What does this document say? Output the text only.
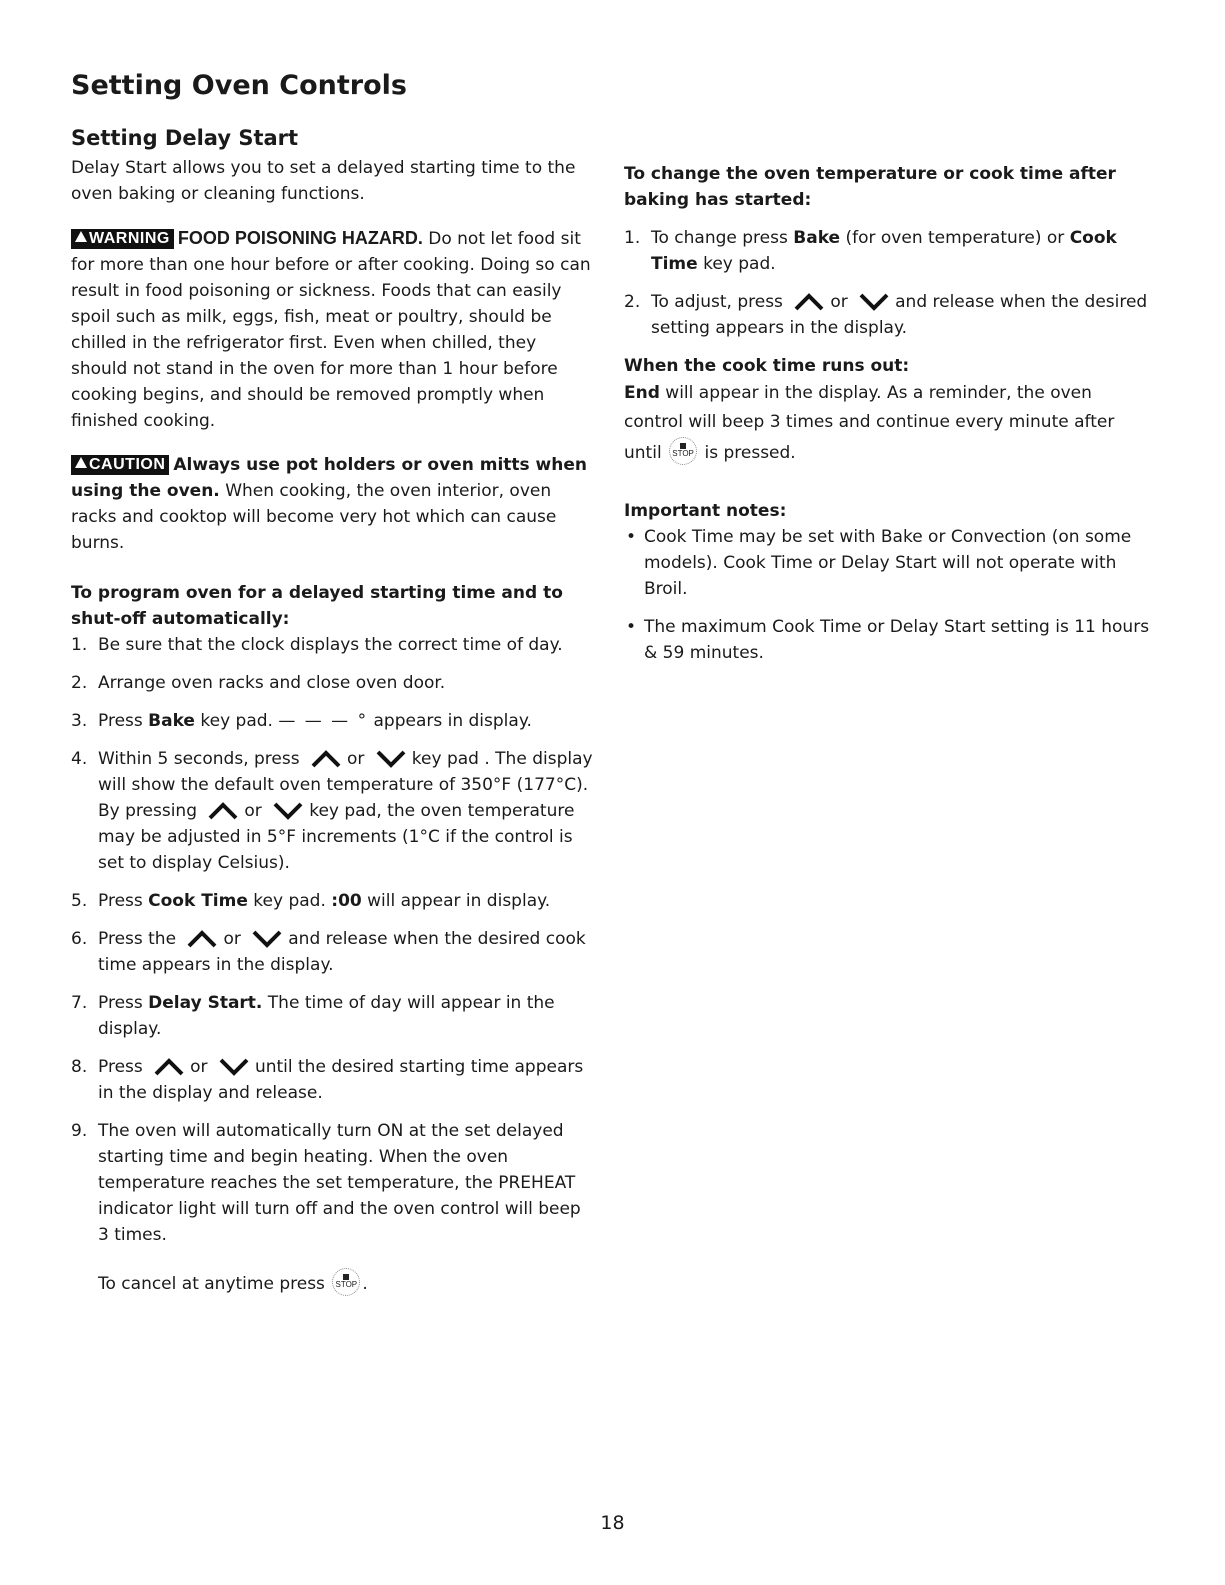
Setting Oven Controls
Setting Delay Start

Delay Start allows you to set a delayed starting time to the oven baking or cleaning functions.

WARNING FOOD POISONING HAZARD. Do not let food sit for more than one hour before or after cooking. Doing so can result in food poisoning or sickness. Foods that can easily spoil such as milk, eggs, fish, meat or poultry, should be chilled in the refrigerator first. Even when chilled, they should not stand in the oven for more than 1 hour before cooking begins, and should be removed promptly when finished cooking.

CAUTION Always use pot holders or oven mitts when using the oven. When cooking, the oven interior, oven racks and cooktop will become very hot which can cause burns.

To program oven for a delayed starting time and to shut-off automatically:

1. Be sure that the clock displays the correct time of day.
2. Arrange oven racks and close oven door.
3. Press Bake key pad. — — — ° appears in display.
4. Within 5 seconds, press	or	key pad . The display will show the default oven temperature of 350°F (177°C). By pressing	or	key pad, the oven temperature may be adjusted in 5°F increments (1°C if the control is set to display Celsius).
5. Press Cook Time key pad. :00 will appear in display.
6. Press the	or	and release when the desired cook time appears in the display.
7. Press Delay Start. The time of day will appear in the display.
8. Press	or	until the desired starting time appears in the display and release.
9. The oven will automatically turn ON at the set delayed starting time and begin heating. When the oven temperature reaches the set temperature, the PREHEAT indicator light will turn off and the oven control will beep 3 times.

To cancel at anytime press STOP .

To change the oven temperature or cook time after baking has started:

1. To change press Bake (for oven temperature) or Cook Time key pad.
2. To adjust, press	or	and release when the desired setting appears in the display.

When the cook time runs out:

End will appear in the display. As a reminder, the oven control will beep 3 times and continue every minute after until STOP is pressed.

Important notes:

• Cook Time may be set with Bake or Convection (on some models). Cook Time or Delay Start will not operate with Broil.
• The maximum Cook Time or Delay Start setting is 11 hours & 59 minutes.
18
